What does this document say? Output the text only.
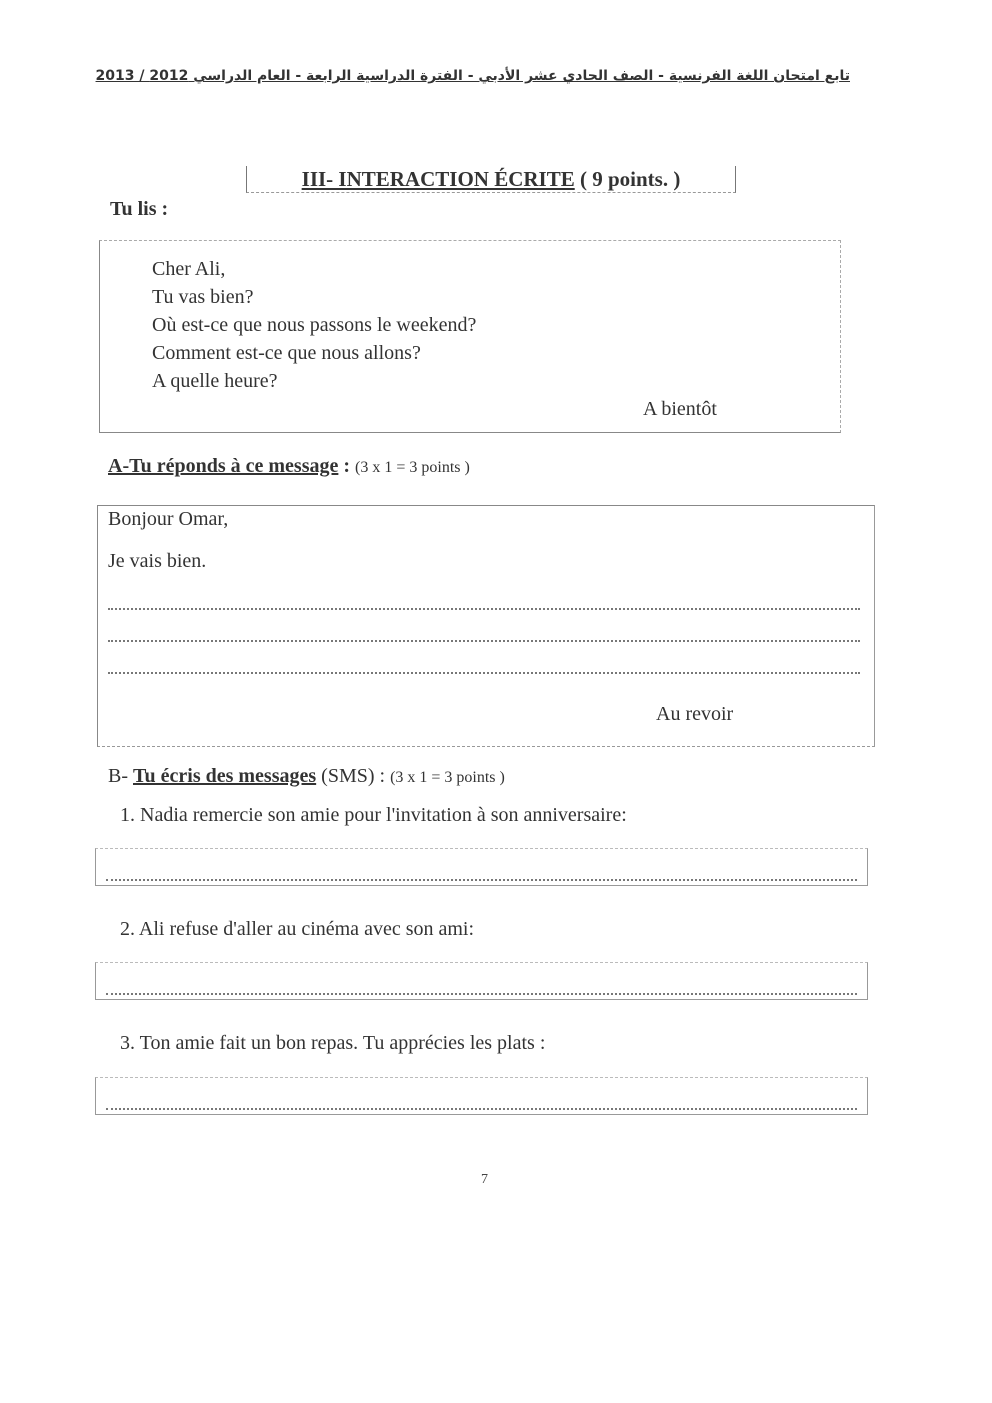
تابع امتحان اللغة الفرنسية - الصف الحادي عشر الأدبي - الفترة الدراسية الرابعة - العام الدراسي 2012 / 2013
III- INTERACTION ÉCRITE ( 9 points. )
Tu lis :
Cher Ali,
Tu vas bien?
Où est-ce que nous passons le weekend?
Comment est-ce que nous allons?
A quelle heure?
A bientôt
A-Tu réponds à ce message : (3 x 1 = 3 points )
Bonjour Omar,
Je vais bien.
Au revoir
B- Tu écris des messages (SMS) : (3 x 1 = 3 points )
1. Nadia remercie son amie pour l'invitation à son anniversaire:
2. Ali refuse d'aller au cinéma avec son ami:
3. Ton amie fait un bon repas. Tu apprécies les plats :
7
